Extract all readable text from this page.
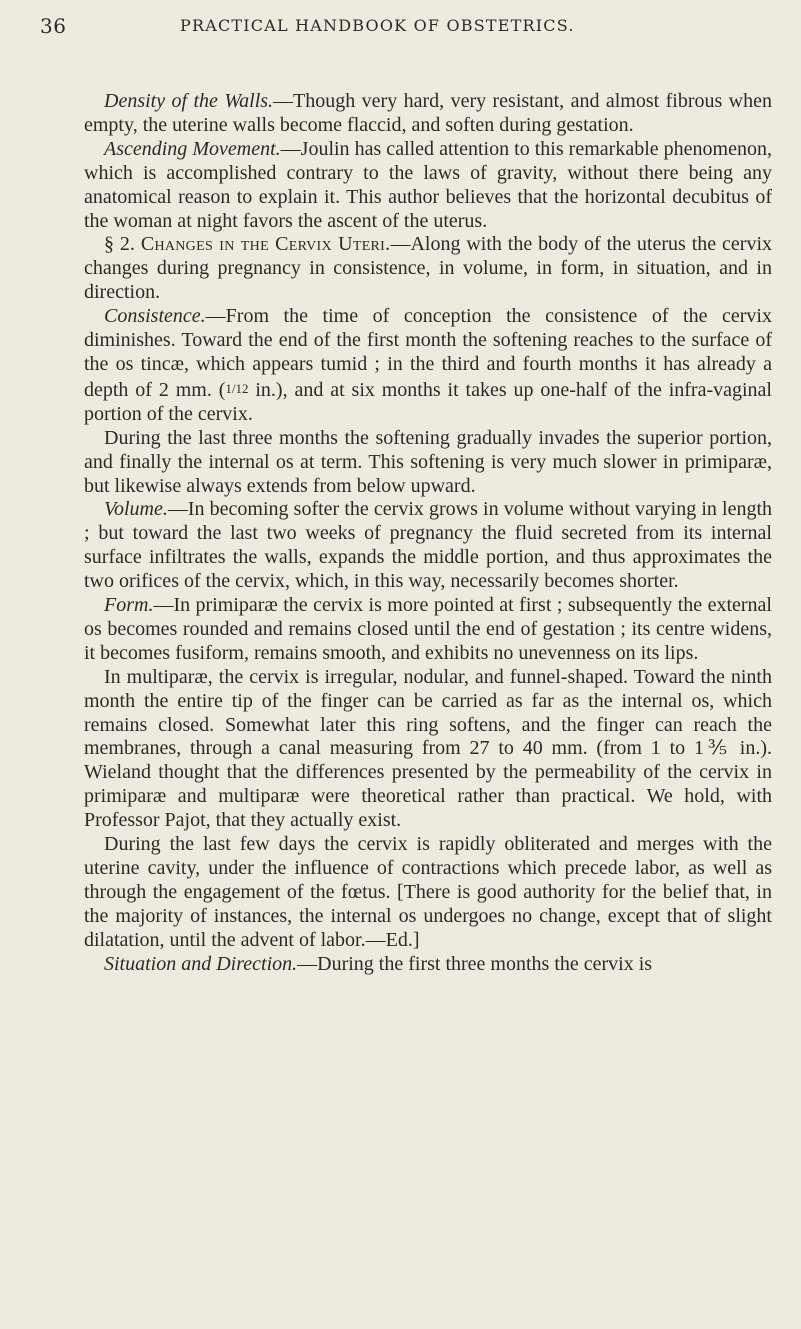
36	PRACTICAL HANDBOOK OF OBSTETRICS.

Density of the Walls.—Though very hard, very resistant, and almost fibrous when empty, the uterine walls become flaccid, and soften during gestation.

Ascending Movement.—Joulin has called attention to this remarkable phenomenon, which is accomplished contrary to the laws of gravity, without there being any anatomical reason to explain it. This author believes that the horizontal decubitus of the woman at night favors the ascent of the uterus.

§ 2. Changes in the Cervix Uteri.—Along with the body of the uterus the cervix changes during pregnancy in consistence, in volume, in form, in situation, and in direction.

Consistence.—From the time of conception the consistence of the cervix diminishes. Toward the end of the first month the softening reaches to the surface of the os tincæ, which appears tumid ; in the third and fourth months it has already a depth of 2 mm. (1/12 in.), and at six months it takes up one-half of the infra-vaginal portion of the cervix.

During the last three months the softening gradually invades the superior portion, and finally the internal os at term. This softening is very much slower in primiparæ, but likewise always extends from below upward.

Volume.—In becoming softer the cervix grows in volume without varying in length ; but toward the last two weeks of pregnancy the fluid secreted from its internal surface infiltrates the walls, expands the middle portion, and thus approximates the two orifices of the cervix, which, in this way, necessarily becomes shorter.

Form.—In primiparæ the cervix is more pointed at first ; subsequently the external os becomes rounded and remains closed until the end of gestation ; its centre widens, it becomes fusiform, remains smooth, and exhibits no unevenness on its lips.

In multiparæ, the cervix is irregular, nodular, and funnel-shaped. Toward the ninth month the entire tip of the finger can be carried as far as the internal os, which remains closed. Somewhat later this ring softens, and the finger can reach the membranes, through a canal measuring from 27 to 40 mm. (from 1 to 1⅗ in.). Wieland thought that the differences presented by the permeability of the cervix in primiparæ and multiparæ were theoretical rather than practical. We hold, with Professor Pajot, that they actually exist.

During the last few days the cervix is rapidly obliterated and merges with the uterine cavity, under the influence of contractions which precede labor, as well as through the engagement of the fœtus. [There is good authority for the belief that, in the majority of instances, the internal os undergoes no change, except that of slight dilatation, until the advent of labor.—Ed.]

Situation and Direction.—During the first three months the cervix is
